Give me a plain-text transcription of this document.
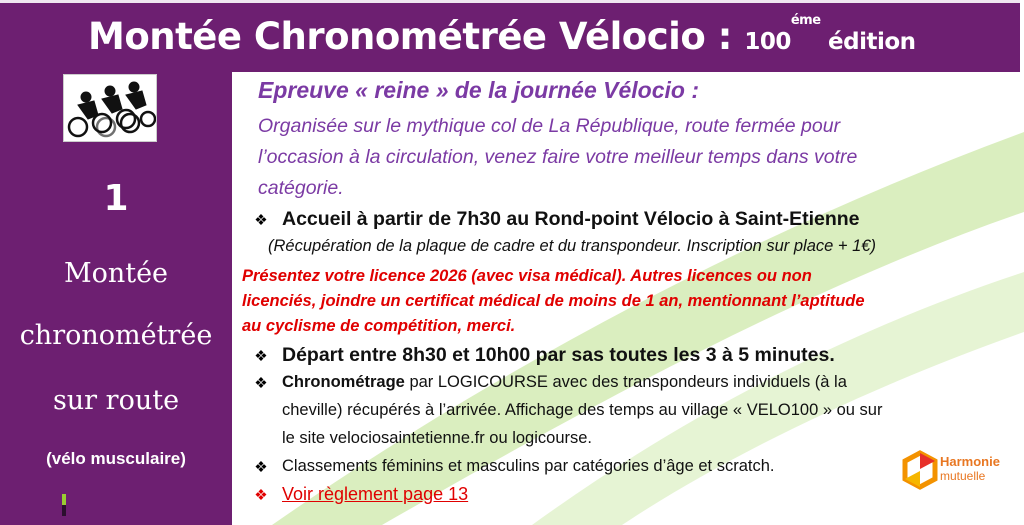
Montée Chronométrée Vélocio : $100^{éme}$ édition
1
Montée
chronométrée
sur route
(vélo musculaire)
Epreuve « reine » de la journée Vélocio :
Organisée sur le mythique col de La République, route fermée pour
l’occasion à la circulation, venez faire votre meilleur temps dans votre
catégorie.
❖ Accueil à partir de 7h30 au Rond-point Vélocio à Saint-Etienne
(Récupération de la plaque de cadre et du transpondeur. Inscription sur place + 1€)
Présentez votre licence 2026 (avec visa médical). Autres licences ou non
licenciés, joindre un certificat médical de moins de 1 an, mentionnant l’aptitude
au cyclisme de compétition, merci.
❖ Départ entre 8h30 et 10h00 par sas toutes les 3 à 5 minutes.
❖ Chronométrage par LOGICOURSE avec des transpondeurs individuels (à la
cheville) récupérés à l’arrivée. Affichage des temps au village « VELO100 » ou sur
le site velociosaintetienne.fr ou logicourse.
❖ Classements féminins et masculins par catégories d’âge et scratch.
❖ Voir règlement page 13
Harmonie
mutuelle
